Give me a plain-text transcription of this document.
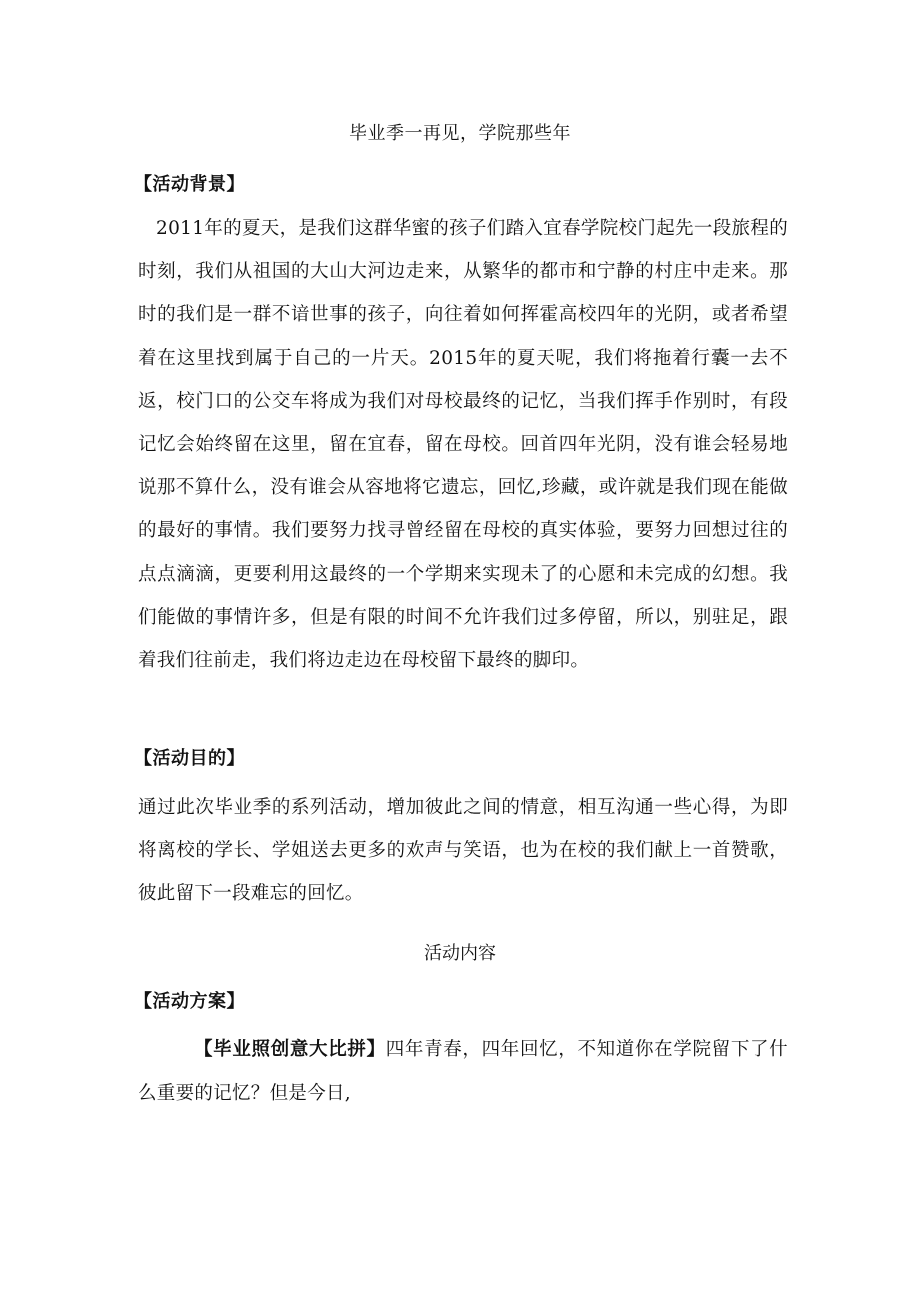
毕业季一再见，学院那些年
【活动背景】

2011年的夏天，是我们这群华蜜的孩子们踏入宜春学院校门起先一段旅程的时刻，我们从祖国的大山大河边走来，从繁华的都市和宁静的村庄中走来。那时的我们是一群不谙世事的孩子，向往着如何挥霍高校四年的光阴，或者希望着在这里找到属于自己的一片天。2015年的夏天呢，我们将拖着行囊一去不返，校门口的公交车将成为我们对母校最终的记忆，当我们挥手作别时，有段记忆会始终留在这里，留在宜春，留在母校。回首四年光阴，没有谁会轻易地说那不算什么，没有谁会从容地将它遗忘，回忆,珍藏，或许就是我们现在能做的最好的事情。我们要努力找寻曾经留在母校的真实体验，要努力回想过往的点点滴滴，更要利用这最终的一个学期来实现未了的心愿和未完成的幻想。我们能做的事情许多，但是有限的时间不允许我们过多停留，所以，别驻足，跟着我们往前走，我们将边走边在母校留下最终的脚印。

【活动目的】

通过此次毕业季的系列活动，增加彼此之间的情意，相互沟通一些心得，为即将离校的学长、学姐送去更多的欢声与笑语，也为在校的我们献上一首赞歌，彼此留下一段难忘的回忆。

活动内容
【活动方案】

【毕业照创意大比拼】四年青春，四年回忆，不知道你在学院留下了什么重要的记忆？但是今日,
